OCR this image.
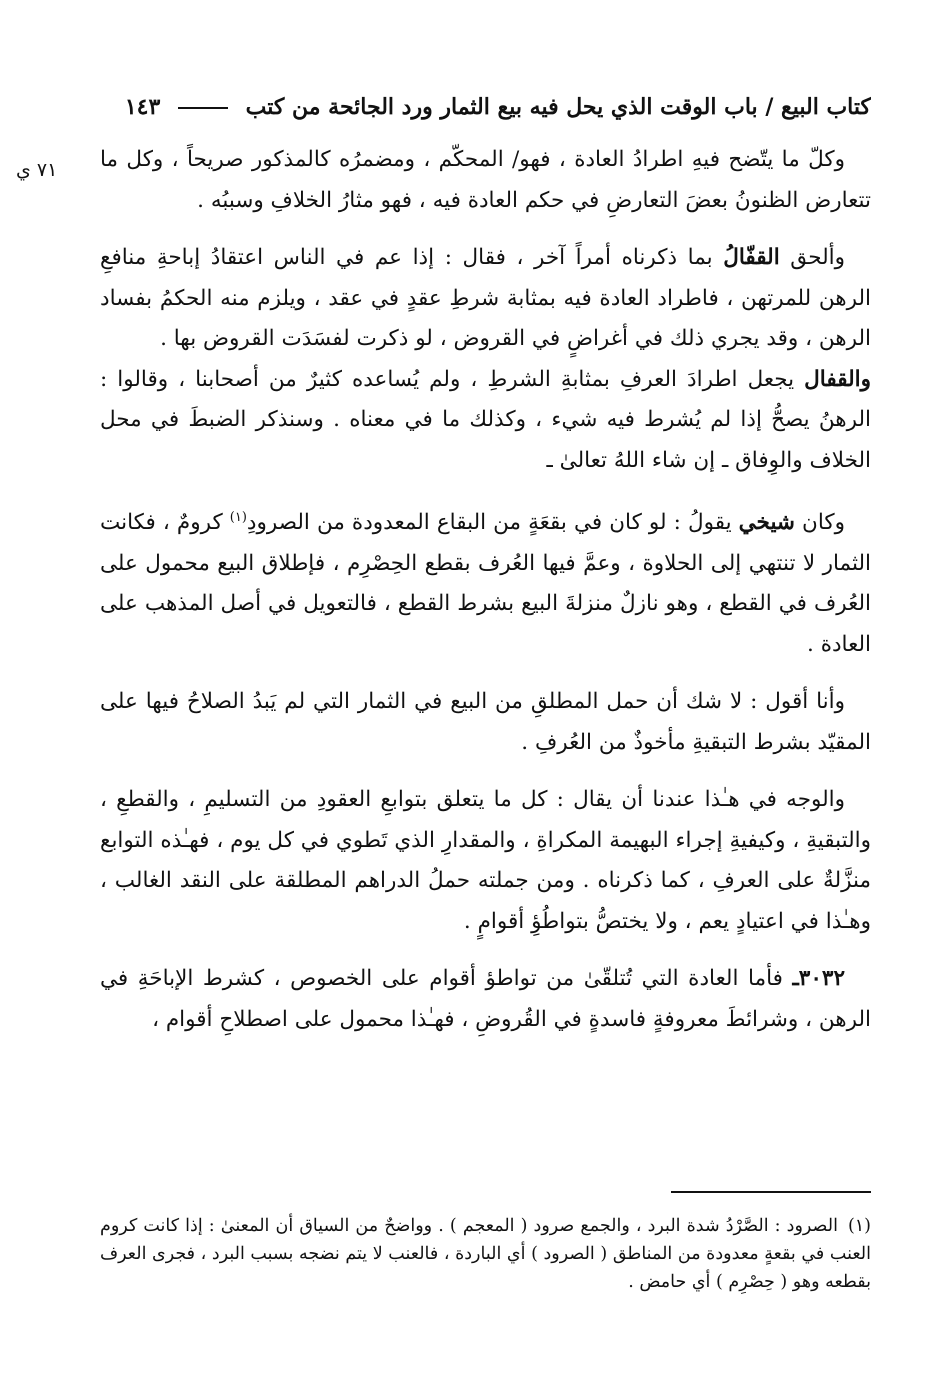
كتاب البيع / باب الوقت الذي يحل فيه بيع الثمار ورد الجائحة من كتب  ١٤٣
٧١ ي وكلّ ما يتّضح فيهِ اطرادُ العادة ، فهو/ المحكّم ، ومضمرُه كالمذكور صريحاً ، وكل ما تتعارض الظنونُ بعضَ التعارضِ في حكم العادة فيه ، فهو مثارُ الخلافِ وسببُه .

وألحق القفّالُ بما ذكرناه أمراً آخر ، فقال : إذا عم في الناس اعتقادُ إباحةِ منافعِ الرهن للمرتهن ، فاطراد العادة فيه بمثابة شرطِ عقدٍ في عقد ، ويلزم منه الحكمُ بفساد الرهن ، وقد يجري ذلك في أغراضٍ في القروض ، لو ذكرت لفسَدَت القروض بها .

والقفال يجعل اطرادَ العرفِ بمثابةِ الشرطِ ، ولم يُساعده كثيرٌ من أصحابنا ، وقالوا : الرهنُ يصحُّ إذا لم يُشرط فيه شيء ، وكذلك ما في معناه . وسنذكر الضبطَ في محل الخلاف والوِفاق ـ إن شاء اللهُ تعالىٰ ـ

وكان شيخي يقولُ : لو كان في بقعَةٍ من البقاع المعدودة من الصرودِ$^{(١)}$ كرومٌ ، فكانت الثمار لا تنتهي إلى الحلاوة ، وعمَّ فيها العُرف بقطع الحِصْرِم ، فإطلاق البيع محمول على العُرف في القطع ، وهو نازلٌ منزلةَ البيع بشرط القطع ، فالتعويل في أصل المذهب على العادة .

وأنا أقول : لا شك أن حمل المطلقِ من البيع في الثمار التي لم يَبدُ الصلاحُ فيها على المقيّد بشرط التبقيةِ مأخوذٌ من العُرفِ .

والوجه في هـٰذا عندنا أن يقال : كل ما يتعلق بتوابعِ العقودِ من التسليمِ ، والقطعِ ، والتبقيةِ ، وكيفيةِ إجراء البهيمة المكراةِ ، والمقدارِ الذي تَطوي في كل يوم ، فهـٰذه التوابع منزَّلةٌ على العرفِ ، كما ذكرناه . ومن جملته حملُ الدراهم المطلقة على النقد الغالب ، وهـٰذا في اعتيادٍ يعم ، ولا يختصُّ بتواطُؤِ أقوامٍ .

٣٠٣٢ـ فأما العادة التي تُتلقّىٰ من تواطؤ أقوام على الخصوص ، كشرط الإباحَةِ في الرهن ، وشرائطَ معروفةٍ فاسدةٍ في القُروضِ ، فهـٰذا محمول على اصطلاحِ أقوام ،

(١)الصرود : الصَّرْدُ شدة البرد ، والجمع صرود ( المعجم ) . وواضحٌ من السياق أن المعنىٰ : إذا كانت كروم العنب في بقعةٍ معدودة من المناطق ( الصرود ) أي الباردة ، فالعنب لا يتم نضجه بسبب البرد ، فجرى العرف بقطعه وهو ( حِصْرِم ) أي حامض .
